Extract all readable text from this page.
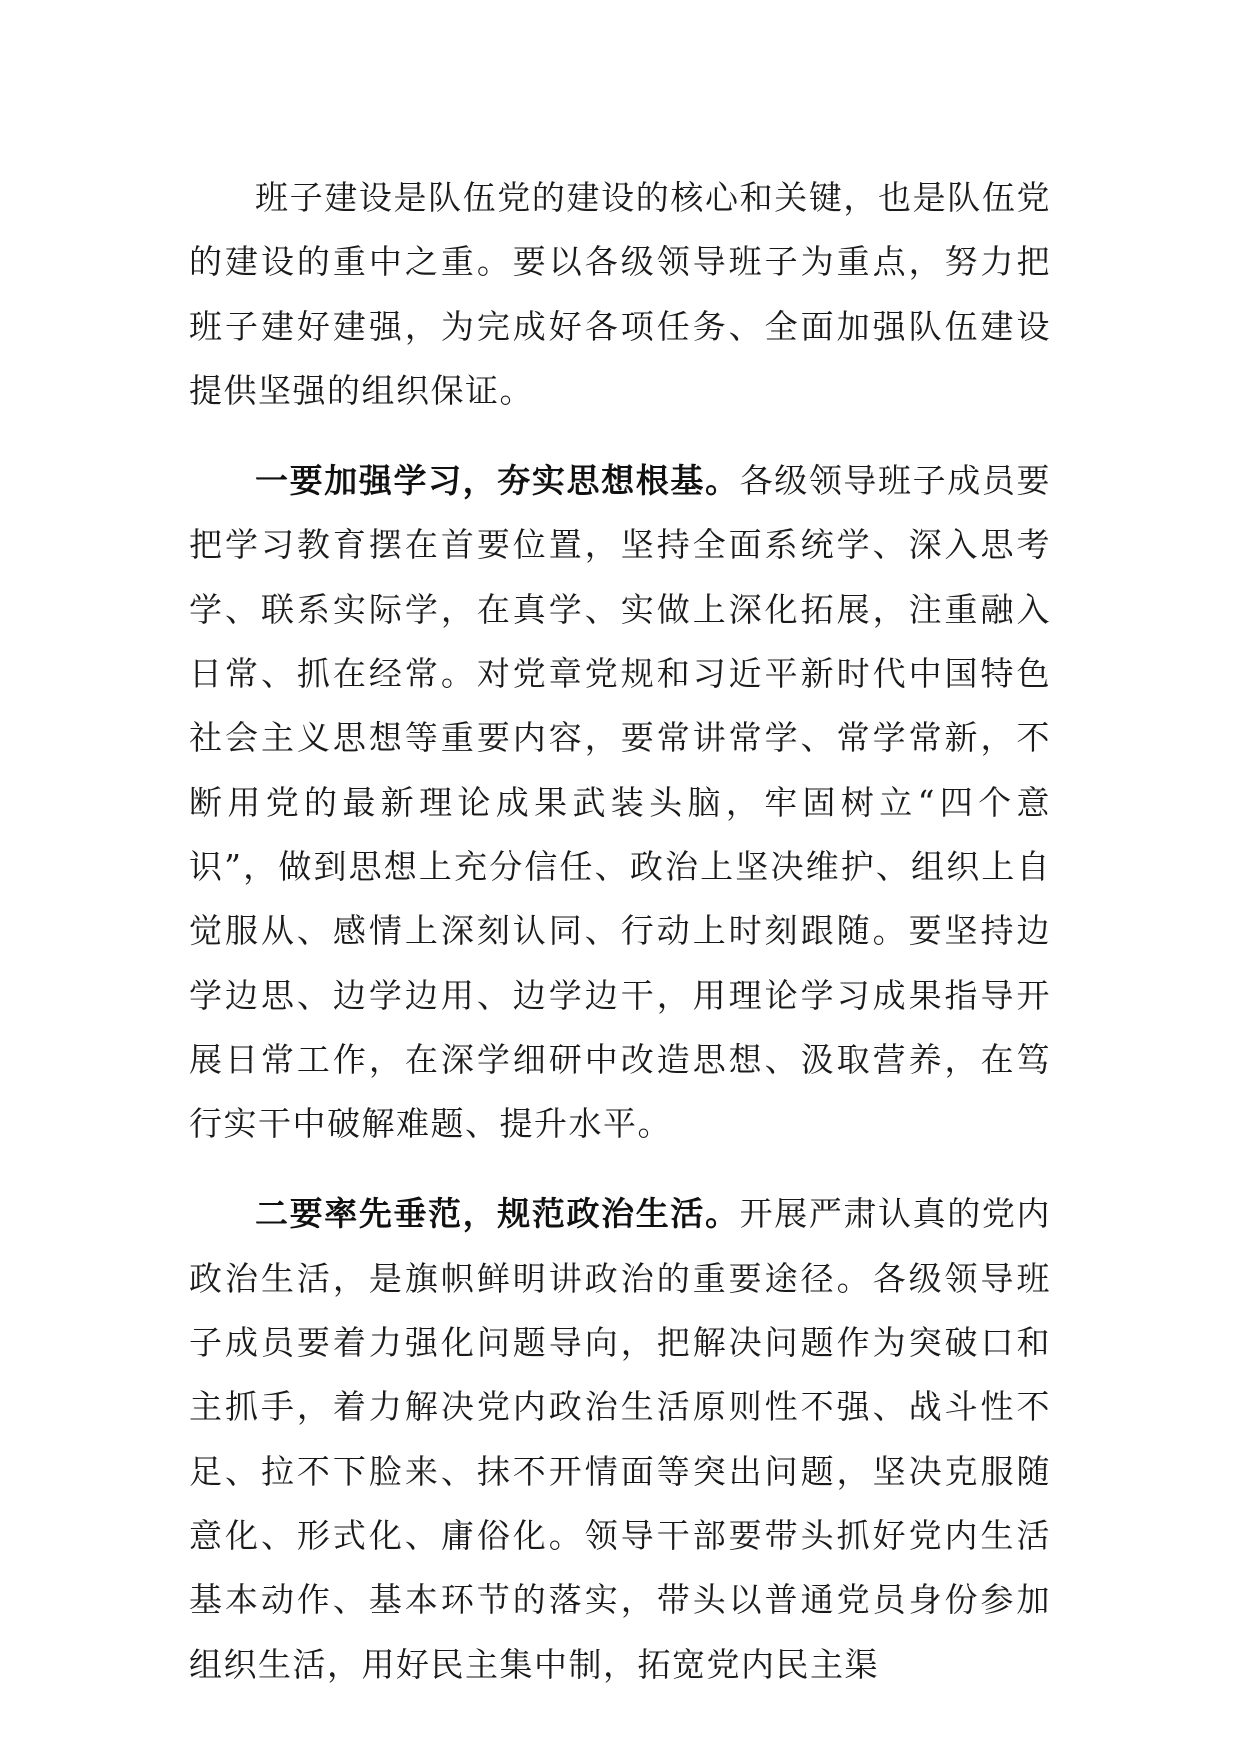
班子建设是队伍党的建设的核心和关键，也是队伍党的建设的重中之重。要以各级领导班子为重点，努力把班子建好建强，为完成好各项任务、全面加强队伍建设提供坚强的组织保证。

一要加强学习，夯实思想根基。各级领导班子成员要把学习教育摆在首要位置，坚持全面系统学、深入思考学、联系实际学，在真学、实做上深化拓展，注重融入日常、抓在经常。对党章党规和习近平新时代中国特色社会主义思想等重要内容，要常讲常学、常学常新，不断用党的最新理论成果武装头脑，牢固树立“四个意识”，做到思想上充分信任、政治上坚决维护、组织上自觉服从、感情上深刻认同、行动上时刻跟随。要坚持边学边思、边学边用、边学边干，用理论学习成果指导开展日常工作，在深学细研中改造思想、汲取营养，在笃行实干中破解难题、提升水平。

二要率先垂范，规范政治生活。开展严肃认真的党内政治生活，是旗帜鲜明讲政治的重要途径。各级领导班子成员要着力强化问题导向，把解决问题作为突破口和主抓手，着力解决党内政治生活原则性不强、战斗性不足、拉不下脸来、抹不开情面等突出问题，坚决克服随意化、形式化、庸俗化。领导干部要带头抓好党内生活基本动作、基本环节的落实，带头以普通党员身份参加组织生活，用好民主集中制，拓宽党内民主渠
